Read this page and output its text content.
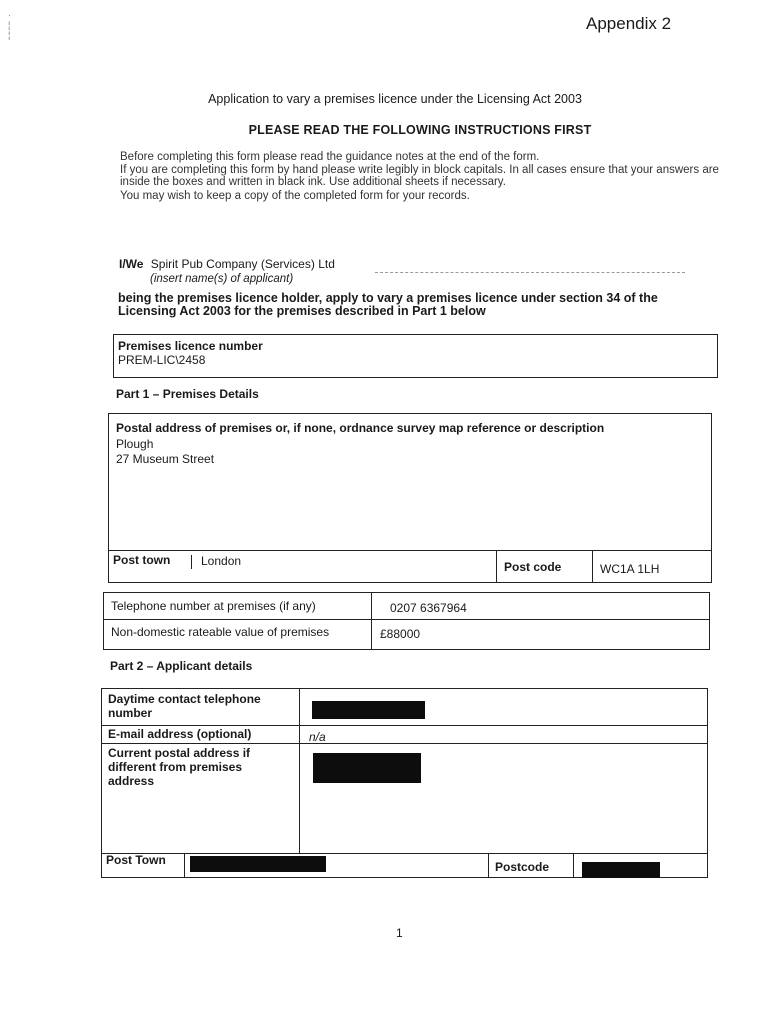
·
¦
¦
Appendix 2
Application to vary a premises licence under the Licensing Act 2003
PLEASE READ THE FOLLOWING INSTRUCTIONS FIRST

Before completing this form please read the guidance notes at the end of the form.

If you are completing this form by hand please write legibly in block capitals. In all cases ensure that your answers are inside the boxes and written in black ink. Use additional sheets if necessary.

You may wish to keep a copy of the completed form for your records.

I/We Spirit Pub Company (Services) Ltd
(insert name(s) of applicant)
being the premises licence holder, apply to vary a premises licence under section 34 of the Licensing Act 2003 for the premises described in Part 1 below
Premises licence number
PREM-LIC\2458
Part 1 – Premises Details
Postal address of premises or, if none, ordnance survey map reference or description
Plough
27 Museum Street
Post town	London	Post code	WC1A 1LH
Telephone number at premises (if any)	0207 6367964
Non-domestic rateable value of premises	£88000
Part 2 – Applicant details
Daytime contact telephone number
E-mail address (optional)	n/a
Current postal address if different from premises address
Post Town	Postcode
1
